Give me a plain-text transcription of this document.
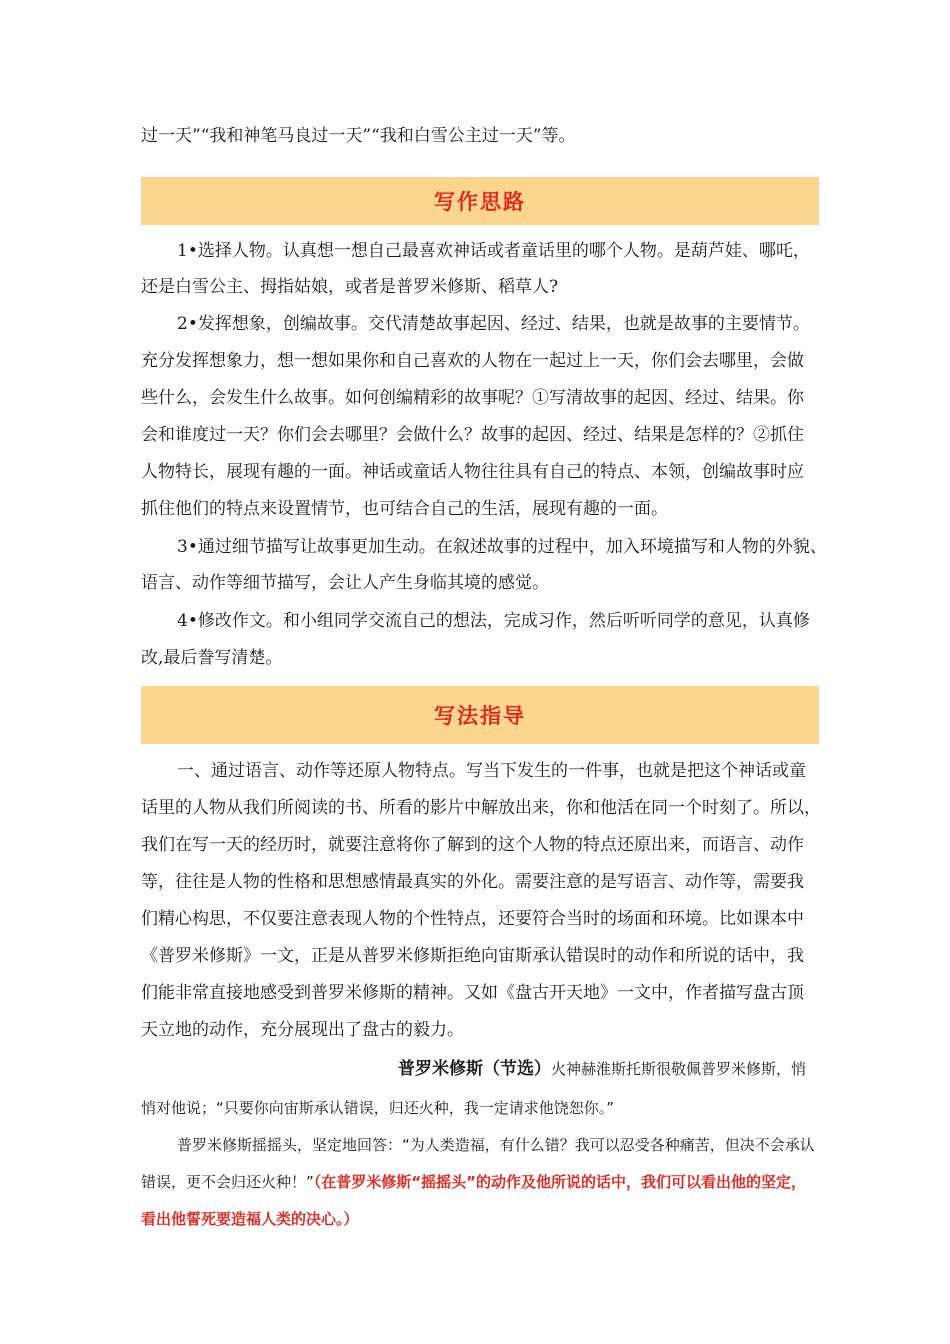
过一天”“我和神笔马良过一天”“我和白雪公主过一天”等。
写作思路
1•选择人物。认真想一想自己最喜欢神话或者童话里的哪个人物。是葫芦娃、哪吒，
还是白雪公主、拇指姑娘，或者是普罗米修斯、稻草人?
2•发挥想象，创编故事。交代清楚故事起因、经过、结果，也就是故事的主要情节。
充分发挥想象力，想一想如果你和自己喜欢的人物在一起过上一天，你们会去哪里，会做
些什么，会发生什么故事。如何创编精彩的故事呢？①写清故事的起因、经过、结果。你
会和谁度过一天？你们会去哪里？会做什么？故事的起因、经过、结果是怎样的？②抓住
人物特长，展现有趣的一面。神话或童话人物往往具有自己的特点、本领，创编故事时应
抓住他们的特点来设置情节，也可结合自己的生活，展现有趣的一面。
3•通过细节描写让故事更加生动。在叙述故事的过程中，加入环境描写和人物的外貌、
语言、动作等细节描写，会让人产生身临其境的感觉。
4•修改作文。和小组同学交流自己的想法，完成习作，然后听听同学的意见，认真修
改,最后誊写清楚。
写法指导
一、通过语言、动作等还原人物特点。写当下发生的一件事，也就是把这个神话或童
话里的人物从我们所阅读的书、所看的影片中解放出来，你和他活在同一个时刻了。所以，
我们在写一天的经历时，就要注意将你了解到的这个人物的特点还原出来，而语言、动作
等，往往是人物的性格和思想感情最真实的外化。需要注意的是写语言、动作等，需要我
们精心构思，不仅要注意表现人物的个性特点，还要符合当时的场面和环境。比如课本中
《普罗米修斯》一文，正是从普罗米修斯拒绝向宙斯承认错误时的动作和所说的话中，我
们能非常直接地感受到普罗米修斯的精神。又如《盘古开天地》一文中，作者描写盘古顶
天立地的动作，充分展现出了盘古的毅力。
普罗米修斯（节选）火神赫淮斯托斯很敬佩普罗米修斯，悄
悄对他说；“只要你向宙斯承认错误，归还火种，我一定请求他饶恕你。”
普罗米修斯摇摇头，坚定地回答：“为人类造福，有什么错？我可以忍受各种痛苦，但决不会承认
错误，更不会归还火种！”（在普罗米修斯“摇摇头”的动作及他所说的话中，我们可以看出他的坚定，
看出他誓死要造福人类的决心。）
